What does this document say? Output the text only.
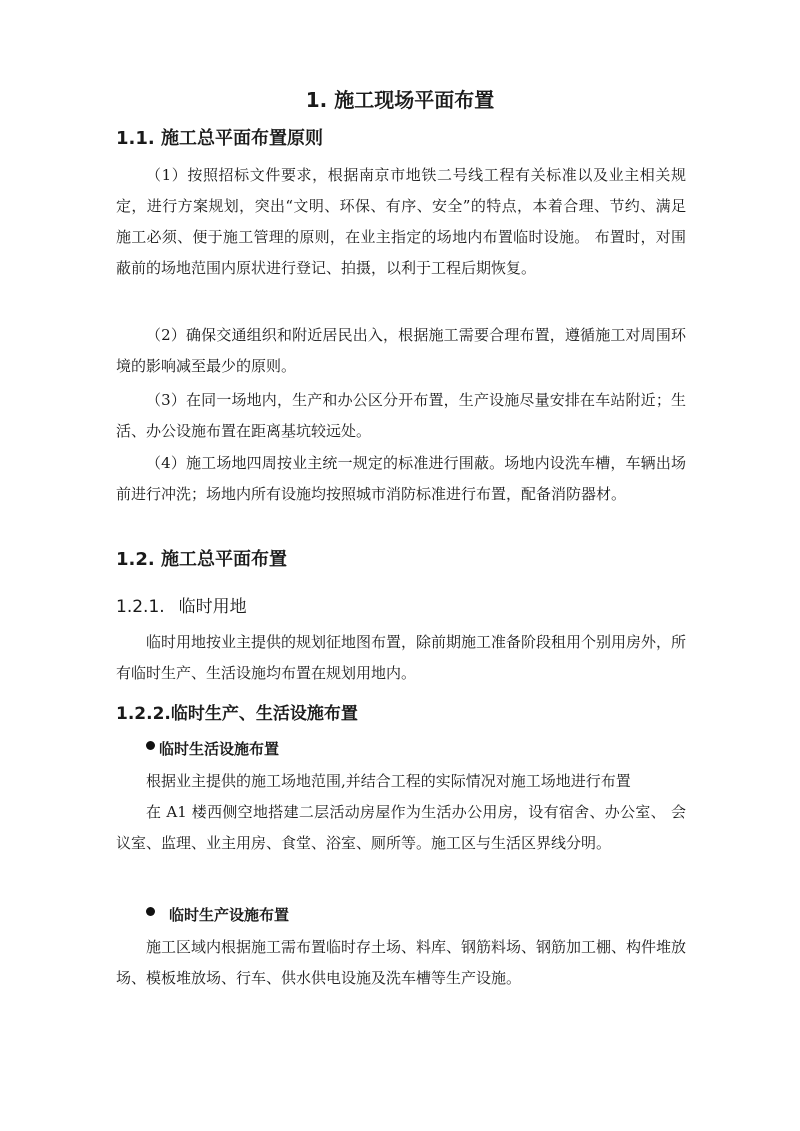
1. 施工现场平面布置
1.1. 施工总平面布置原则

（1）按照招标文件要求，根据南京市地铁二号线工程有关标准以及业主相关规定，进行方案规划，突出“文明、环保、有序、安全”的特点，本着合理、节约、满足施工必须、便于施工管理的原则，在业主指定的场地内布置临时设施。 布置时，对围蔽前的场地范围内原状进行登记、拍摄，以利于工程后期恢复。

（2）确保交通组织和附近居民出入，根据施工需要合理布置，遵循施工对周围环境的影响减至最少的原则。

（3）在同一场地内，生产和办公区分开布置，生产设施尽量安排在车站附近；生活、办公设施布置在距离基坑较远处。

（4）施工场地四周按业主统一规定的标准进行围蔽。场地内设洗车槽，车辆出场前进行冲洗；场地内所有设施均按照城市消防标准进行布置，配备消防器材。

1.2. 施工总平面布置
1.2.1. 临时用地

临时用地按业主提供的规划征地图布置，除前期施工准备阶段租用个别用房外，所有临时生产、生活设施均布置在规划用地内。

1.2.2.临时生产、生活设施布置
临时生活设施布置

根据业主提供的施工场地范围,并结合工程的实际情况对施工场地进行布置

在 A1 楼西侧空地搭建二层活动房屋作为生活办公用房，设有宿舍、办公室、 会议室、监理、业主用房、食堂、浴室、厕所等。施工区与生活区界线分明。

临时生产设施布置

施工区域内根据施工需布置临时存土场、料库、钢筋料场、钢筋加工棚、构件堆放场、模板堆放场、行车、供水供电设施及洗车槽等生产设施。
